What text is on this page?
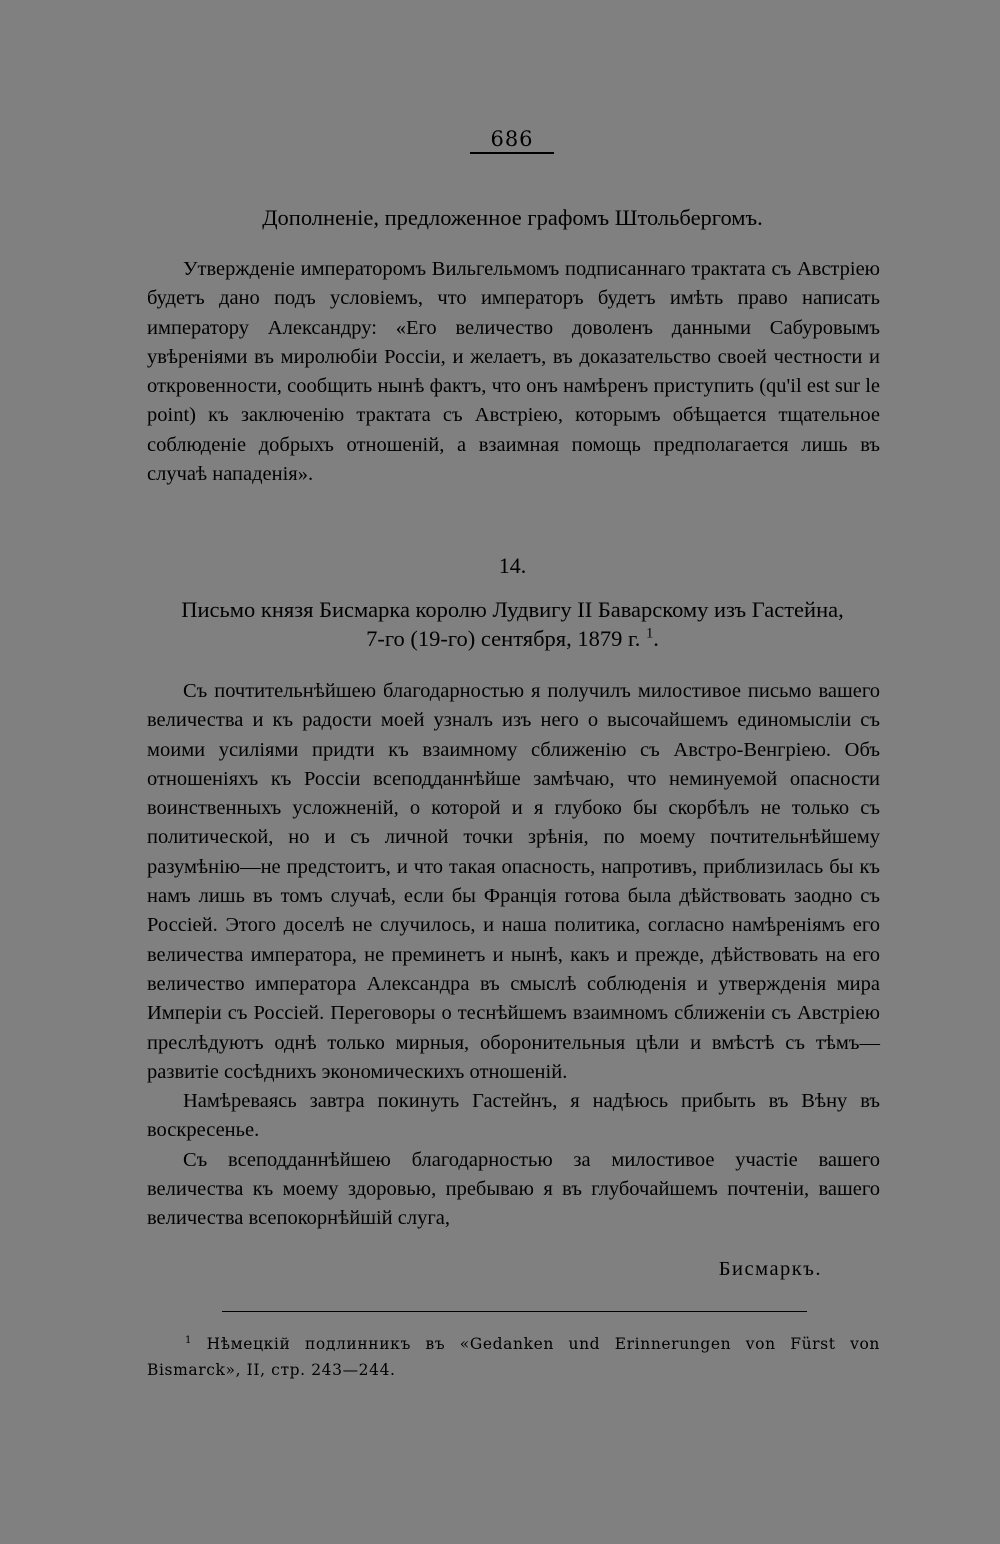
686
Дополненіе, предложенное графомъ Штольбергомъ.

Утвержденіе императоромъ Вильгельмомъ подписаннаго трактата съ Австріею будетъ дано подъ условіемъ, что императоръ будетъ имѣть право написать императору Александру: «Его величество доволенъ данными Сабуровымъ увѣреніями въ миролюбіи Россіи, и желаетъ, въ доказательство своей честности и откровенности, сообщить нынѣ фактъ, что онъ намѣренъ приступить (qu'il est sur le point) къ заключенію трактата съ Австріею, которымъ обѣщается тщательное соблюденіе добрыхъ отношеній, а взаимная помощь предполагается лишь въ случаѣ нападенія».

14.
Письмо князя Бисмарка королю Лудвигу II Баварскому изъ Гастейна,
7-го (19-го) сентября, 1879 г. $^1$.

Съ почтительнѣйшею благодарностью я получилъ милостивое письмо вашего величества и къ радости моей узналъ изъ него о высочайшемъ единомысліи съ моими усиліями придти къ взаимному сближенію съ Австро-Венгріею. Объ отношеніяхъ къ Россіи всеподданнѣйше замѣчаю, что неминуемой опасности воинственныхъ усложненій, о которой и я глубоко бы скорбѣлъ не только съ политической, но и съ личной точки зрѣнія, по моему почтительнѣйшему разумѣнію—не предстоитъ, и что такая опасность, напротивъ, приблизилась бы къ намъ лишь въ томъ случаѣ, если бы Франція готова была дѣйствовать заодно съ Россіей. Этого доселѣ не случилось, и наша политика, согласно намѣреніямъ его величества императора, не преминетъ и нынѣ, какъ и прежде, дѣйствовать на его величество императора Александра въ смыслѣ соблюденія и утвержденія мира Имперіи съ Россіей. Переговоры о теснѣйшемъ взаимномъ сближеніи съ Австріею преслѣдуютъ однѣ только мирныя, оборонительныя цѣли и вмѣстѣ съ тѣмъ—развитіе сосѣднихъ экономическихъ отношеній.

Намѣреваясь завтра покинуть Гастейнъ, я надѣюсь прибыть въ Вѣну въ воскресенье.

Съ всеподданнѣйшею благодарностью за милостивое участіе вашего величества къ моему здоровью, пребываю я въ глубочайшемъ почтеніи, вашего величества всепокорнѣйшій слуга,

Бисмаркъ.

$^1$ Нѣмецкій подлинникъ въ «Gedanken und Erinnerungen von Fürst von Bismarck», II, стр. 243—244.
